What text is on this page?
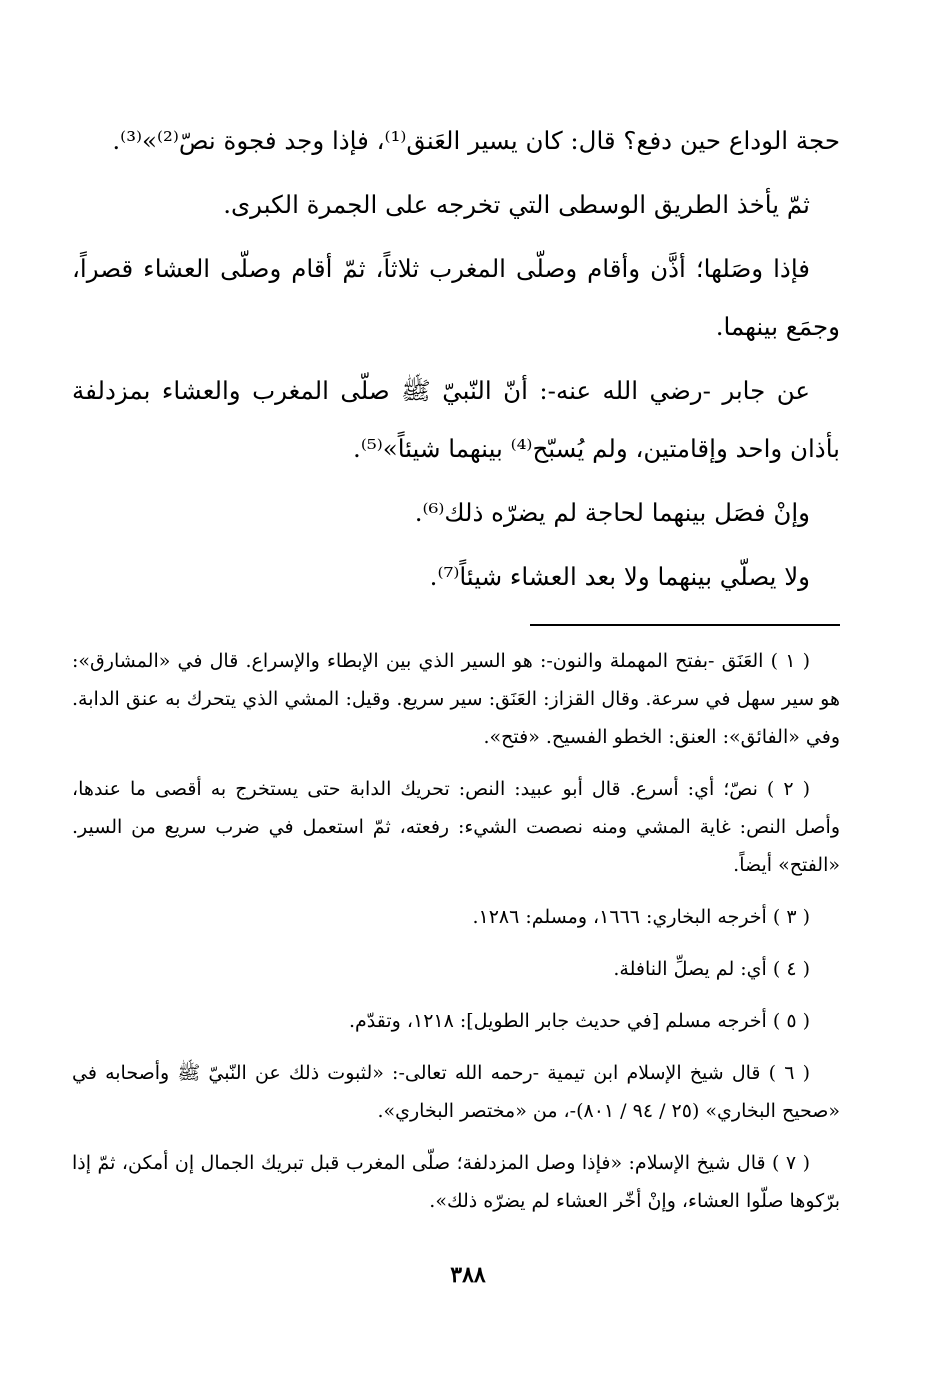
حجة الوداع حين دفع؟ قال: كان يسير العَنق⁽¹⁾، فإذا وجد فجوة نصّ⁽²⁾»⁽³⁾.

ثمّ يأخذ الطريق الوسطى التي تخرجه على الجمرة الكبرى.

فإذا وصَلها؛ أذَّن وأقام وصلّى المغرب ثلاثاً، ثمّ أقام وصلّى العشاء قصراً، وجمَع بينهما.

عن جابر -رضي الله عنه-: أنّ النّبيّ ﷺ صلّى المغرب والعشاء بمزدلفة بأذان واحد وإقامتين، ولم يُسبّح⁽⁴⁾ بينهما شيئاً»⁽⁵⁾.

وإنْ فصَل بينهما لحاجة لم يضرّه ذلك⁽⁶⁾.

ولا يصلّي بينهما ولا بعد العشاء شيئاً⁽⁷⁾.

( ١ ) العَنَق -بفتح المهملة والنون-: هو السير الذي بين الإبطاء والإسراع. قال في «المشارق»: هو سير سهل في سرعة. وقال القزاز: العَنَق: سير سريع. وقيل: المشي الذي يتحرك به عنق الدابة. وفي «الفائق»: العنق: الخطو الفسيح. «فتح».

( ٢ ) نصّ؛ أي: أسرع. قال أبو عبيد: النص: تحريك الدابة حتى يستخرج به أقصى ما عندها، وأصل النص: غاية المشي ومنه نصصت الشيء: رفعته، ثمّ استعمل في ضرب سريع من السير. «الفتح» أيضاً.

( ٣ ) أخرجه البخاري: ١٦٦٦، ومسلم: ١٢٨٦.

( ٤ ) أي: لم يصلِّ النافلة.

( ٥ ) أخرجه مسلم [في حديث جابر الطويل]: ١٢١٨، وتقدّم.

( ٦ ) قال شيخ الإسلام ابن تيمية -رحمه الله تعالى-: «لثبوت ذلك عن النّبيّ ﷺ وأصحابه في «صحيح البخاري» (٢٥ / ٩٤ / ٨٠١)-، من «مختصر البخاري».

( ٧ ) قال شيخ الإسلام: «فإذا وصل المزدلفة؛ صلّى المغرب قبل تبريك الجمال إن أمكن، ثمّ إذا برّكوها صلّوا العشاء، وإنْ أخّر العشاء لم يضرّه ذلك».

٣٨٨
